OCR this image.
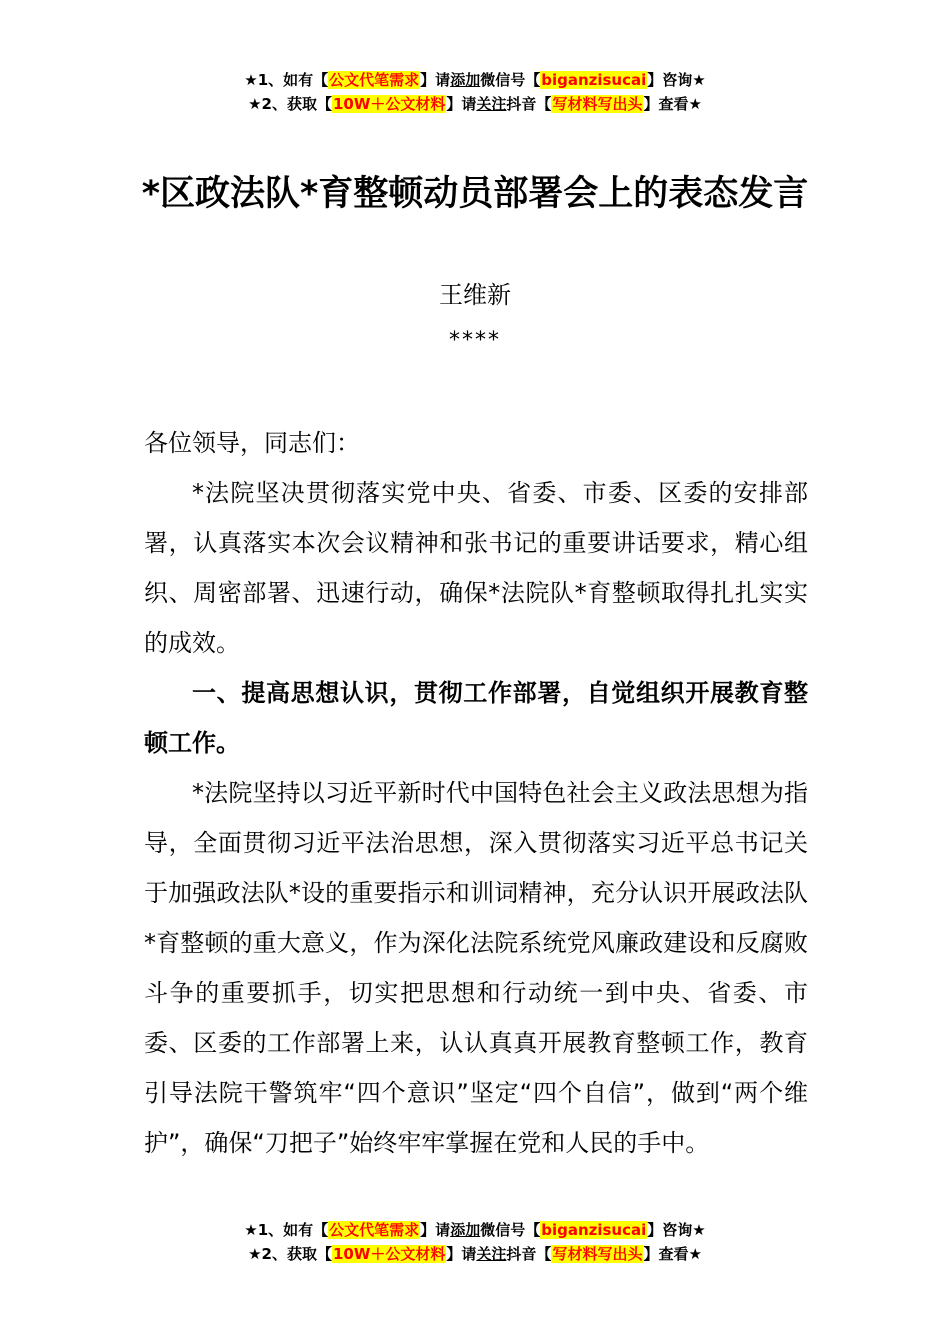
★1、如有【公文代笔需求】请添加微信号【biganzisucai】咨询★
★2、获取【10W＋公文材料】请关注抖音【写材料写出头】查看★
*区政法队*育整顿动员部署会上的表态发言
王维新
****

各位领导，同志们：

*法院坚决贯彻落实党中央、省委、市委、区委的安排部署，认真落实本次会议精神和张书记的重要讲话要求，精心组织、周密部署、迅速行动，确保*法院队*育整顿取得扎扎实实的成效。

一、提高思想认识，贯彻工作部署，自觉组织开展教育整顿工作。

*法院坚持以习近平新时代中国特色社会主义政法思想为指导，全面贯彻习近平法治思想，深入贯彻落实习近平总书记关于加强政法队*设的重要指示和训词精神，充分认识开展政法队*育整顿的重大意义，作为深化法院系统党风廉政建设和反腐败斗争的重要抓手，切实把思想和行动统一到中央、省委、市委、区委的工作部署上来，认认真真开展教育整顿工作，教育引导法院干警筑牢“四个意识”坚定“四个自信”，做到“两个维护”，确保“刀把子”始终牢牢掌握在党和人民的手中。

★1、如有【公文代笔需求】请添加微信号【biganzisucai】咨询★
★2、获取【10W＋公文材料】请关注抖音【写材料写出头】查看★
